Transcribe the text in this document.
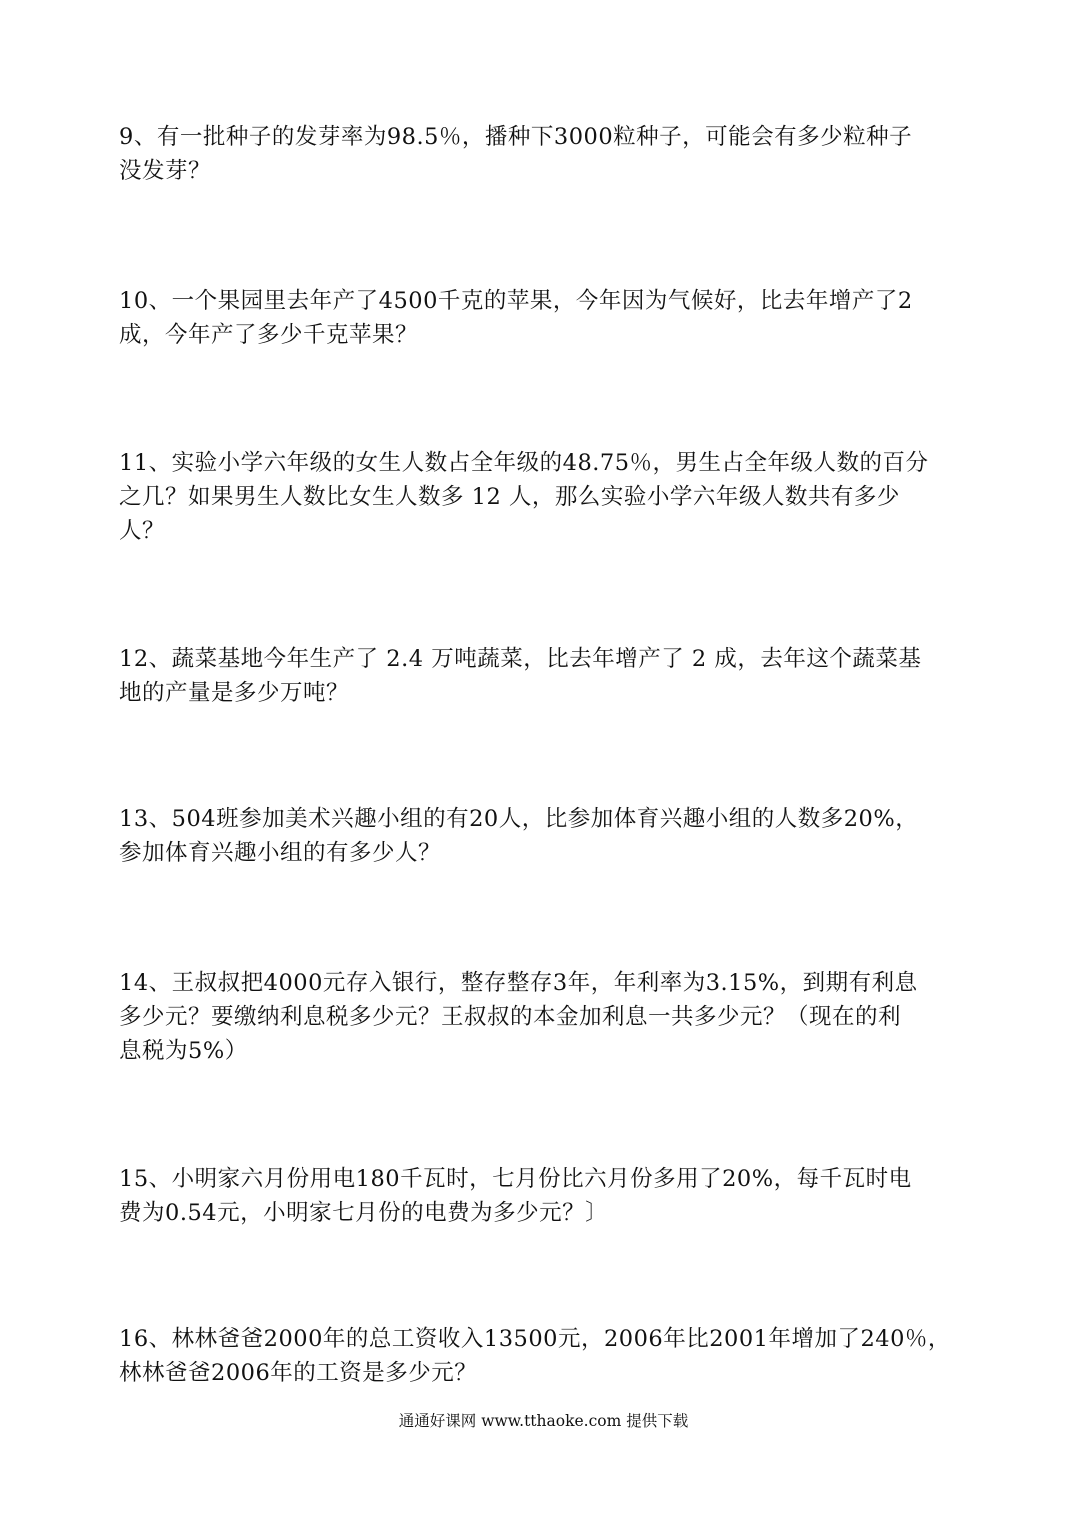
9、有一批种子的发芽率为98.5％，播种下3000粒种子，可能会有多少粒种子
没发芽？
10、一个果园里去年产了4500千克的苹果，今年因为气候好，比去年增产了2
成，今年产了多少千克苹果？
11、实验小学六年级的女生人数占全年级的48.75％，男生占全年级人数的百分
之几？如果男生人数比女生人数多 12 人，那么实验小学六年级人数共有多少
人？
12、蔬菜基地今年生产了 2.4 万吨蔬菜，比去年增产了 2 成，去年这个蔬菜基
地的产量是多少万吨？
13、504班参加美术兴趣小组的有20人，比参加体育兴趣小组的人数多20%，
参加体育兴趣小组的有多少人？
14、王叔叔把4000元存入银行，整存整存3年，年利率为3.15%，到期有利息
多少元？要缴纳利息税多少元？王叔叔的本金加利息一共多少元？（现在的利
息税为5%）
15、小明家六月份用电180千瓦时，七月份比六月份多用了20%，每千瓦时电
费为0.54元，小明家七月份的电费为多少元？〕
16、林林爸爸2000年的总工资收入13500元，2006年比2001年增加了240％，
林林爸爸2006年的工资是多少元？
通通好课网 www.tthaoke.com 提供下载
